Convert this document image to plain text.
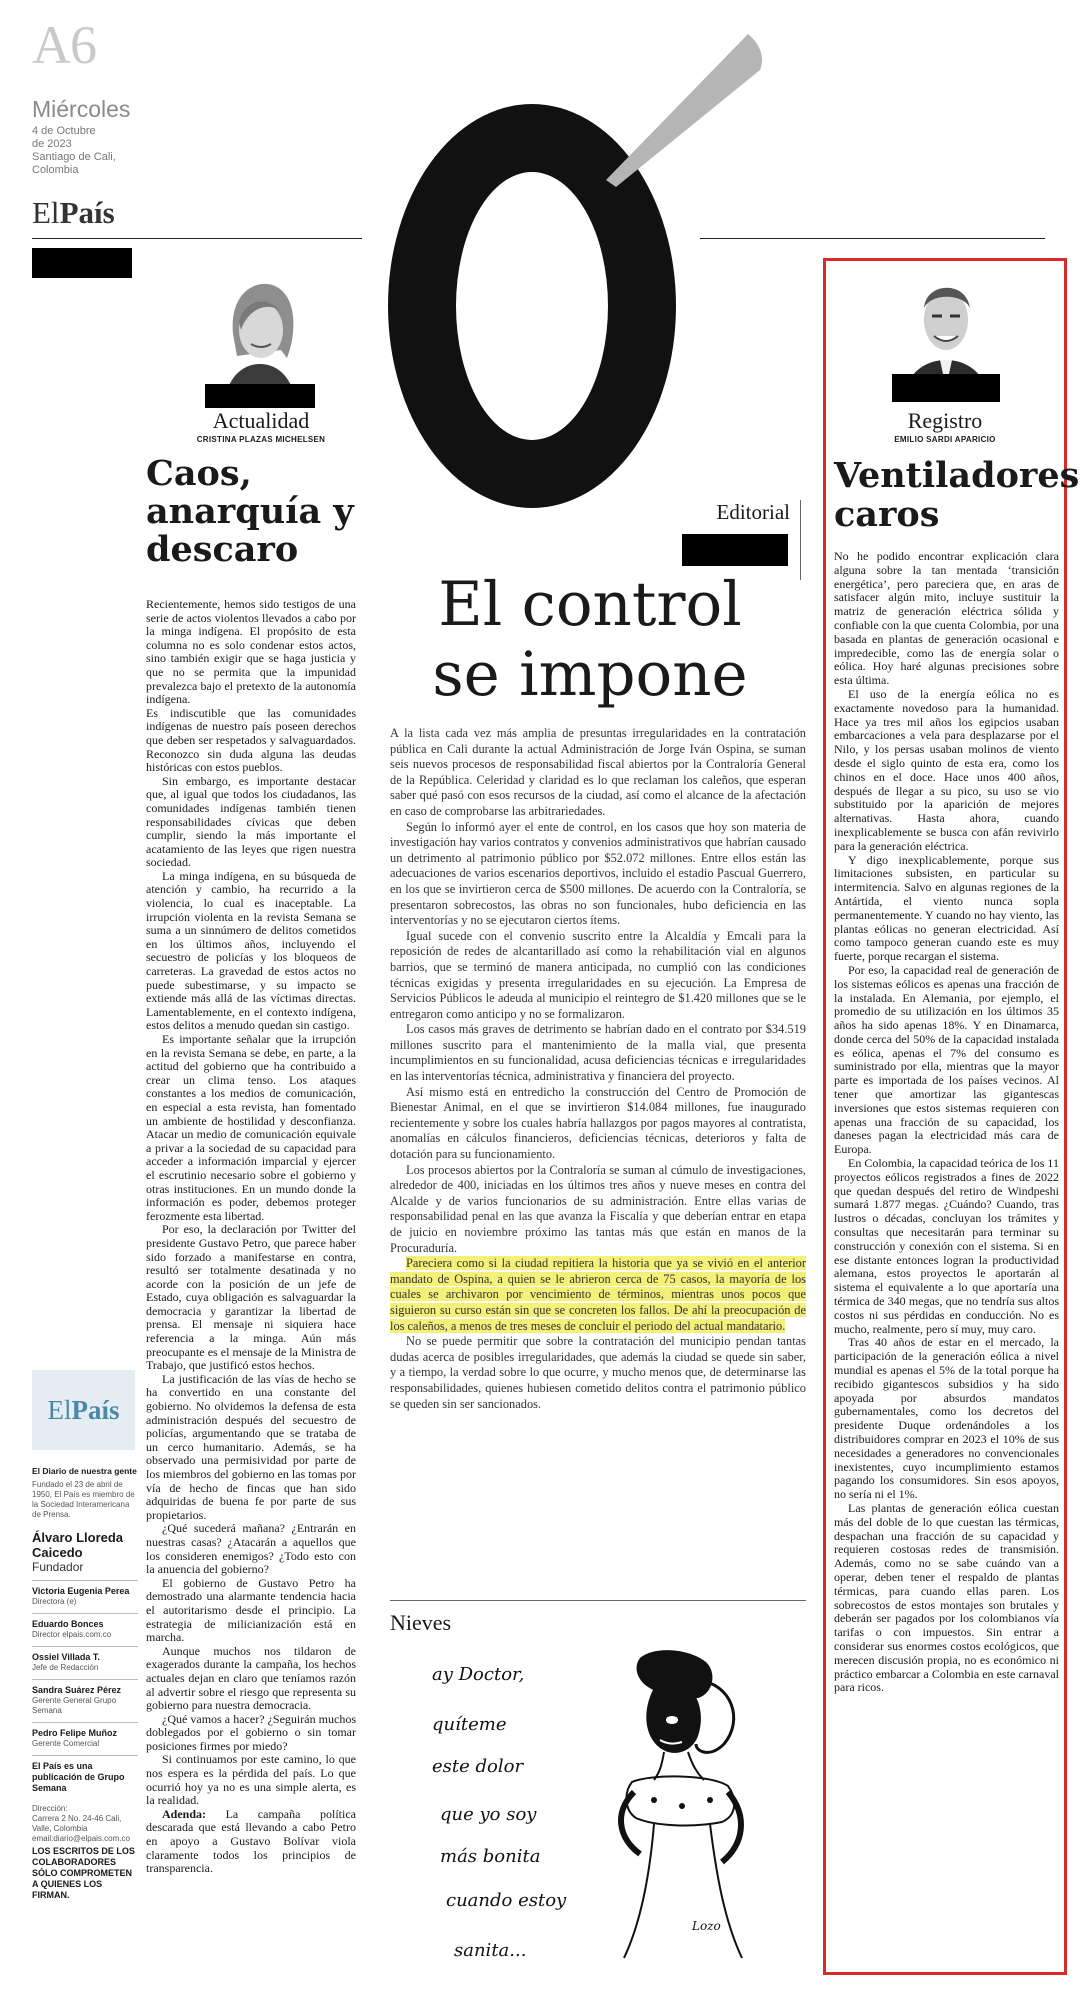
A6
Miércoles
4 de Octubre
de 2023
Santiago de Cali,
Colombia
ElPaís
Actualidad
CRISTINA PLAZAS MICHELSEN
Caos,
anarquía y
descaro

Recientemente, hemos sido testigos de una serie de actos violentos llevados a cabo por la minga indígena. El propósito de esta columna no es solo condenar estos actos, sino también exigir que se haga justicia y que no se permita que la impunidad prevalezca bajo el pretexto de la autonomía indígena.

Es indiscutible que las comunidades indígenas de nuestro país poseen derechos que deben ser respetados y salvaguardados. Reconozco sin duda alguna las deudas históricas con estos pueblos.

Sin embargo, es importante destacar que, al igual que todos los ciudadanos, las comunidades indígenas también tienen responsabilidades cívicas que deben cumplir, siendo la más importante el acatamiento de las leyes que rigen nuestra sociedad.

La minga indígena, en su búsqueda de atención y cambio, ha recurrido a la violencia, lo cual es inaceptable. La irrupción violenta en la revista Semana se suma a un sinnúmero de delitos cometidos en los últimos años, incluyendo el secuestro de policías y los bloqueos de carreteras. La gravedad de estos actos no puede subestimarse, y su impacto se extiende más allá de las víctimas directas. Lamentablemente, en el contexto indígena, estos delitos a menudo quedan sin castigo.

Es importante señalar que la irrupción en la revista Semana se debe, en parte, a la actitud del gobierno que ha contribuido a crear un clima tenso. Los ataques constantes a los medios de comunicación, en especial a esta revista, han fomentado un ambiente de hostilidad y desconfianza. Atacar un medio de comunicación equivale a privar a la sociedad de su capacidad para acceder a información imparcial y ejercer el escrutinio necesario sobre el gobierno y otras instituciones. En un mundo donde la información es poder, debemos proteger ferozmente esta libertad.

Por eso, la declaración por Twitter del presidente Gustavo Petro, que parece haber sido forzado a manifestarse en contra, resultó ser totalmente desatinada y no acorde con la posición de un jefe de Estado, cuya obligación es salvaguardar la democracia y garantizar la libertad de prensa. El mensaje ni siquiera hace referencia a la minga. Aún más preocupante es el mensaje de la Ministra de Trabajo, que justificó estos hechos.

La justificación de las vías de hecho se ha convertido en una constante del gobierno. No olvidemos la defensa de esta administración después del secuestro de policías, argumentando que se trataba de un cerco humanitario. Además, se ha observado una permisividad por parte de los miembros del gobierno en las tomas por vía de hecho de fincas que han sido adquiridas de buena fe por parte de sus propietarios.

¿Qué sucederá mañana? ¿Entrarán en nuestras casas? ¿Atacarán a aquellos que los consideren enemigos? ¿Todo esto con la anuencia del gobierno?

El gobierno de Gustavo Petro ha demostrado una alarmante tendencia hacia el autoritarismo desde el principio. La estrategia de milicianización está en marcha.

Aunque muchos nos tildaron de exagerados durante la campaña, los hechos actuales dejan en claro que teníamos razón al advertir sobre el riesgo que representa su gobierno para nuestra democracia.

¿Qué vamos a hacer? ¿Seguirán muchos doblegados por el gobierno o sin tomar posiciones firmes por miedo?

Si continuamos por este camino, lo que nos espera es la pérdida del país. Lo que ocurrió hoy ya no es una simple alerta, es la realidad.

Adenda: La campaña política descarada que está llevando a cabo Petro en apoyo a Gustavo Bolívar viola claramente todos los principios de transparencia.

ElPaís
El Diario de nuestra gente
Fundado el 23 de abril de 1950, El País es miembro de la Sociedad Interamericana de Prensa.
Álvaro Lloreda Caicedo
Fundador
Victoria Eugenia Perea
Directora (e)
Eduardo Bonces
Director elpais.com.co
Ossiel Villada T.
Jefe de Redacción
Sandra Suárez Pérez
Gerente General Grupo Semana
Pedro Felipe Muñoz
Gerente Comercial
El País es una publicación de Grupo Semana
Dirección:
Carrera 2 No. 24-46 Cali, Valle, Colombia
email:diario@elpais.com.co
LOS ESCRITOS DE LOS COLABORADORES SÓLO COMPROMETEN A QUIENES LOS FIRMAN.
Editorial
El control
se impone

A la lista cada vez más amplia de presuntas irregularidades en la contratación pública en Cali durante la actual Administración de Jorge Iván Ospina, se suman seis nuevos procesos de responsabilidad fiscal abiertos por la Contraloría General de la República. Celeridad y claridad es lo que reclaman los caleños, que esperan saber qué pasó con esos recursos de la ciudad, así como el alcance de la afectación en caso de comprobarse las arbitrariedades.

Según lo informó ayer el ente de control, en los casos que hoy son materia de investigación hay varios contratos y convenios administrativos que habrían causado un detrimento al patrimonio público por $52.072 millones. Entre ellos están las adecuaciones de varios escenarios deportivos, incluido el estadio Pascual Guerrero, en los que se invirtieron cerca de $500 millones. De acuerdo con la Contraloría, se presentaron sobrecostos, las obras no son funcionales, hubo deficiencia en las interventorías y no se ejecutaron ciertos ítems.

Igual sucede con el convenio suscrito entre la Alcaldía y Emcali para la reposición de redes de alcantarillado así como la rehabilitación vial en algunos barrios, que se terminó de manera anticipada, no cumplió con las condiciones técnicas exigidas y presenta irregularidades en su ejecución. La Empresa de Servicios Públicos le adeuda al municipio el reintegro de $1.420 millones que se le entregaron como anticipo y no se formalizaron.

Los casos más graves de detrimento se habrían dado en el contrato por $34.519 millones suscrito para el mantenimiento de la malla vial, que presenta incumplimientos en su funcionalidad, acusa deficiencias técnicas e irregularidades en las interventorías técnica, administrativa y financiera del proyecto.

Así mismo está en entredicho la construcción del Centro de Promoción de Bienestar Animal, en el que se invirtieron $14.084 millones, fue inaugurado recientemente y sobre los cuales habría hallazgos por pagos mayores al contratista, anomalías en cálculos financieros, deficiencias técnicas, deterioros y falta de dotación para su funcionamiento.

Los procesos abiertos por la Contraloría se suman al cúmulo de investigaciones, alrededor de 400, iniciadas en los últimos tres años y nueve meses en contra del Alcalde y de varios funcionarios de su administración. Entre ellas varias de responsabilidad penal en las que avanza la Fiscalía y que deberían entrar en etapa de juicio en noviembre próximo las tantas más que están en manos de la Procuraduría.

Pareciera como si la ciudad repitiera la historia que ya se vivió en el anterior mandato de Ospina, a quien se le abrieron cerca de 75 casos, la mayoría de los cuales se archivaron por vencimiento de términos, mientras unos pocos que siguieron su curso están sin que se concreten los fallos. De ahí la preocupación de los caleños, a menos de tres meses de concluir el periodo del actual mandatario.

No se puede permitir que sobre la contratación del municipio pendan tantas dudas acerca de posibles irregularidades, que además la ciudad se quede sin saber, y a tiempo, la verdad sobre lo que ocurre, y mucho menos que, de determinarse las responsabilidades, quienes hubiesen cometido delitos contra el patrimonio público se queden sin ser sancionados.

Nieves
ay Doctor,
quíteme
este dolor
que yo soy
más bonita
cuando estoy
sanita...
Lozo
Registro
EMILIO SARDI APARICIO
Ventiladores
caros

No he podido encontrar explicación clara alguna sobre la tan mentada ‘transición energética’, pero pareciera que, en aras de satisfacer algún mito, incluye sustituir la matriz de generación eléctrica sólida y confiable con la que cuenta Colombia, por una basada en plantas de generación ocasional e impredecible, como las de energía solar o eólica. Hoy haré algunas precisiones sobre esta última.

El uso de la energía eólica no es exactamente novedoso para la humanidad. Hace ya tres mil años los egipcios usaban embarcaciones a vela para desplazarse por el Nilo, y los persas usaban molinos de viento desde el siglo quinto de esta era, como los chinos en el doce. Hace unos 400 años, después de llegar a su pico, su uso se vio substituido por la aparición de mejores alternativas. Hasta ahora, cuando inexplicablemente se busca con afán revivirlo para la generación eléctrica.

Y digo inexplicablemente, porque sus limitaciones subsisten, en particular su intermitencia. Salvo en algunas regiones de la Antártida, el viento nunca sopla permanentemente. Y cuando no hay viento, las plantas eólicas no generan electricidad. Así como tampoco generan cuando este es muy fuerte, porque recargan el sistema.

Por eso, la capacidad real de generación de los sistemas eólicos es apenas una fracción de la instalada. En Alemania, por ejemplo, el promedio de su utilización en los últimos 35 años ha sido apenas 18%. Y en Dinamarca, donde cerca del 50% de la capacidad instalada es eólica, apenas el 7% del consumo es suministrado por ella, mientras que la mayor parte es importada de los países vecinos. Al tener que amortizar las gigantescas inversiones que estos sistemas requieren con apenas una fracción de su capacidad, los daneses pagan la electricidad más cara de Europa.

En Colombia, la capacidad teórica de los 11 proyectos eólicos registrados a fines de 2022 que quedan después del retiro de Windpeshi sumará 1.877 megas. ¿Cuándo? Cuando, tras lustros o décadas, concluyan los trámites y consultas que necesitarán para terminar su construcción y conexión con el sistema. Si en ese distante entonces logran la productividad alemana, estos proyectos le aportarán al sistema el equivalente a lo que aportaría una térmica de 340 megas, que no tendría sus altos costos ni sus pérdidas en conducción. No es mucho, realmente, pero sí muy, muy caro.

Tras 40 años de estar en el mercado, la participación de la generación eólica a nivel mundial es apenas el 5% de la total porque ha recibido gigantescos subsidios y ha sido apoyada por absurdos mandatos gubernamentales, como los decretos del presidente Duque ordenándoles a los distribuidores comprar en 2023 el 10% de sus necesidades a generadores no convencionales inexistentes, cuyo incumplimiento estamos pagando los consumidores. Sin esos apoyos, no sería ni el 1%.

Las plantas de generación eólica cuestan más del doble de lo que cuestan las térmicas, despachan una fracción de su capacidad y requieren costosas redes de transmisión. Además, como no se sabe cuándo van a operar, deben tener el respaldo de plantas térmicas, para cuando ellas paren. Los sobrecostos de estos montajes son brutales y deberán ser pagados por los colombianos vía tarifas o con impuestos. Sin entrar a considerar sus enormes costos ecológicos, que merecen discusión propia, no es económico ni práctico embarcar a Colombia en este carnaval para ricos.
